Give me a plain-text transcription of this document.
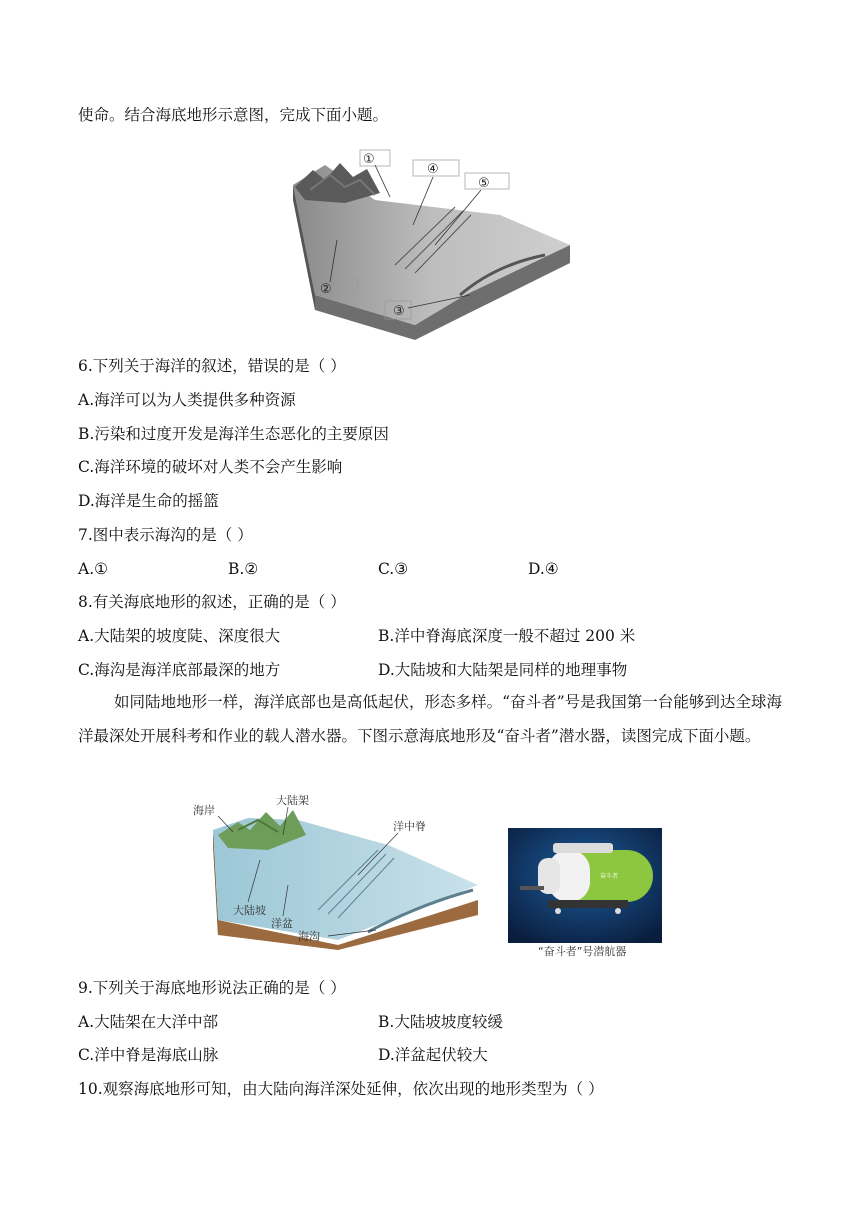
使命。结合海底地形示意图，完成下面小题。
①
④
⑤
②
③
6.下列关于海洋的叙述，错误的是（ ）
A.海洋可以为人类提供多种资源
B.污染和过度开发是海洋生态恶化的主要原因
C.海洋环境的破坏对人类不会产生影响
D.海洋是生命的摇篮
7.图中表示海沟的是（ ）
A.①	B.②	C.③	D.④
8.有关海底地形的叙述，正确的是（ ）
A.大陆架的坡度陡、深度很大	B.洋中脊海底深度一般不超过 200 米
C.海沟是海洋底部最深的地方	D.大陆坡和大陆架是同样的地理事物
如同陆地地形一样，海洋底部也是高低起伏，形态多样。“奋斗者”号是我国第一台能够到达全球海洋最深处开展科考和作业的载人潜水器。下图示意海底地形及“奋斗者”潜水器，读图完成下面小题。
海岸
大陆架
洋中脊
大陆坡
洋盆
海沟
奋斗者
“奋斗者”号潜航器
9.下列关于海底地形说法正确的是（ ）
A.大陆架在大洋中部	B.大陆坡坡度较缓
C.洋中脊是海底山脉	D.洋盆起伏较大
10.观察海底地形可知，由大陆向海洋深处延伸，依次出现的地形类型为（ ）
